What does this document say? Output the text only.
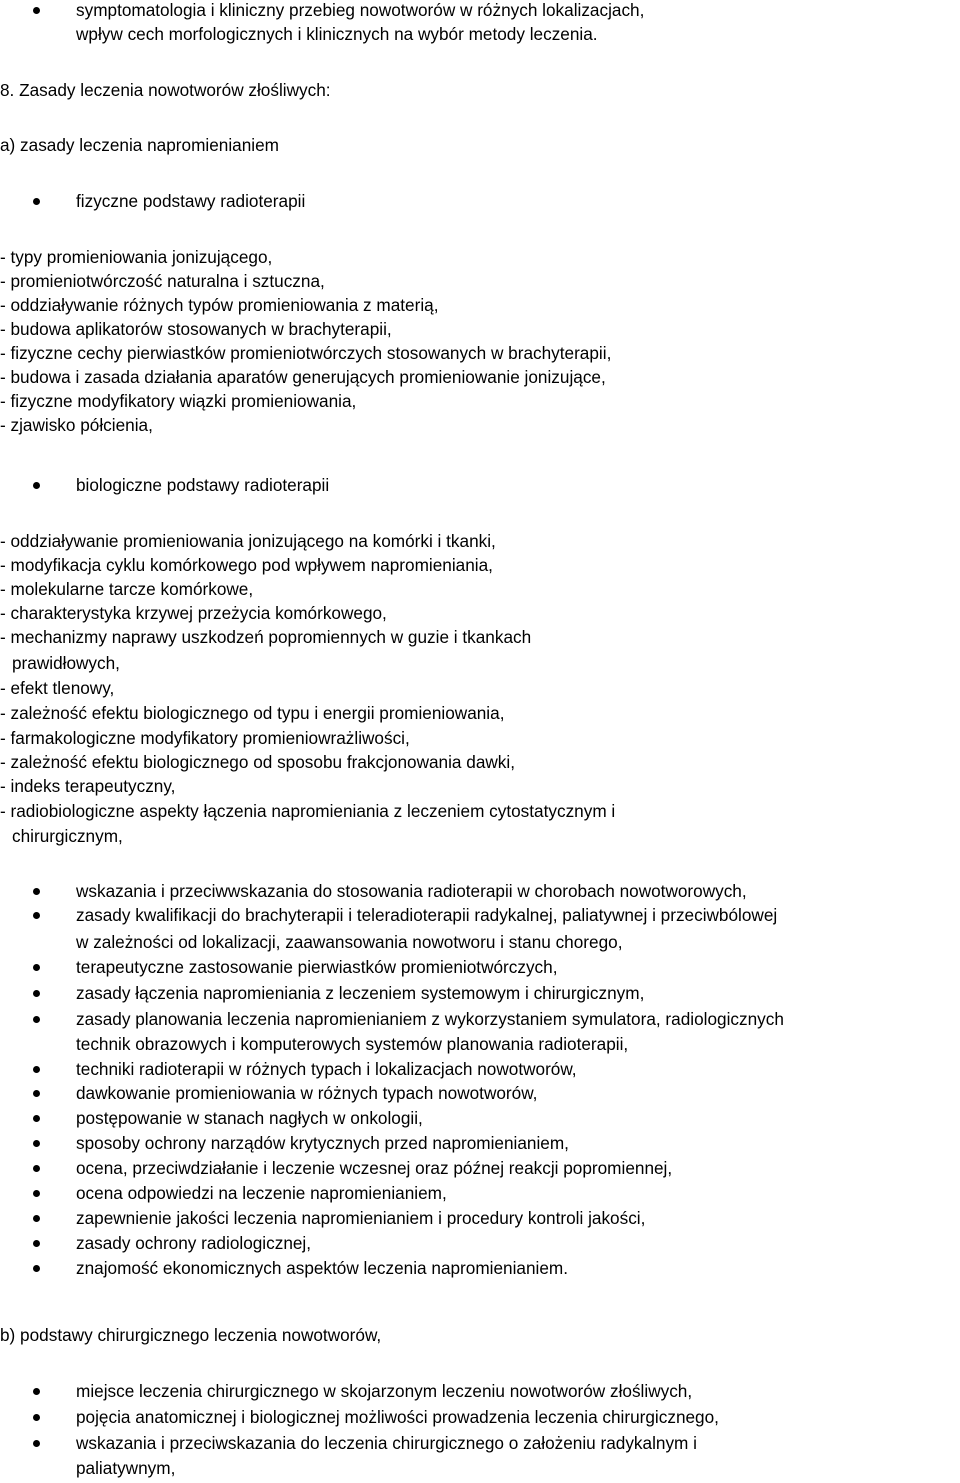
symptomatologia i kliniczny przebieg nowotworów w różnych lokalizacjach,
wpływ cech morfologicznych i klinicznych na wybór metody leczenia.
8. Zasady leczenia nowotworów złośliwych:
a) zasady leczenia napromienianiem
fizyczne podstawy radioterapii
- typy promieniowania jonizującego,
- promieniotwórczość naturalna i sztuczna,
- oddziaływanie różnych typów promieniowania z materią,
- budowa aplikatorów stosowanych w brachyterapii,
- fizyczne cechy pierwiastków promieniotwórczych stosowanych w brachyterapii,
- budowa i zasada działania aparatów generujących promieniowanie jonizujące,
- fizyczne modyfikatory wiązki promieniowania,
- zjawisko półcienia,
biologiczne podstawy radioterapii
- oddziaływanie promieniowania jonizującego na komórki i tkanki,
- modyfikacja cyklu komórkowego pod wpływem napromieniania,
- molekularne tarcze komórkowe,
- charakterystyka krzywej przeżycia komórkowego,
- mechanizmy naprawy uszkodzeń popromiennych w guzie i tkankach
prawidłowych,
- efekt tlenowy,
- zależność efektu biologicznego od typu i energii promieniowania,
- farmakologiczne modyfikatory promieniowrażliwości,
- zależność efektu biologicznego od sposobu frakcjonowania dawki,
- indeks terapeutyczny,
- radiobiologiczne aspekty łączenia napromieniania z leczeniem cytostatycznym i
chirurgicznym,
wskazania i przeciwwskazania do stosowania radioterapii w chorobach nowotworowych,
zasady kwalifikacji do brachyterapii i teleradioterapii radykalnej, paliatywnej i przeciwbólowej
w zależności od lokalizacji, zaawansowania nowotworu i stanu chorego,
terapeutyczne zastosowanie pierwiastków promieniotwórczych,
zasady łączenia napromieniania z leczeniem systemowym i chirurgicznym,
zasady planowania leczenia napromienianiem z wykorzystaniem symulatora, radiologicznych
technik obrazowych i komputerowych systemów planowania radioterapii,
techniki radioterapii w różnych typach i lokalizacjach nowotworów,
dawkowanie promieniowania w różnych typach nowotworów,
postępowanie w stanach nagłych w onkologii,
sposoby ochrony narządów krytycznych przed napromienianiem,
ocena, przeciwdziałanie i leczenie wczesnej oraz późnej reakcji popromiennej,
ocena odpowiedzi na leczenie napromienianiem,
zapewnienie jakości leczenia napromienianiem i procedury kontroli jakości,
zasady ochrony radiologicznej,
znajomość ekonomicznych aspektów leczenia napromienianiem.
b) podstawy chirurgicznego leczenia nowotworów,
miejsce leczenia chirurgicznego w skojarzonym leczeniu nowotworów złośliwych,
pojęcia anatomicznej i biologicznej możliwości prowadzenia leczenia chirurgicznego,
wskazania i przeciwskazania do leczenia chirurgicznego o założeniu radykalnym i
paliatywnym,
